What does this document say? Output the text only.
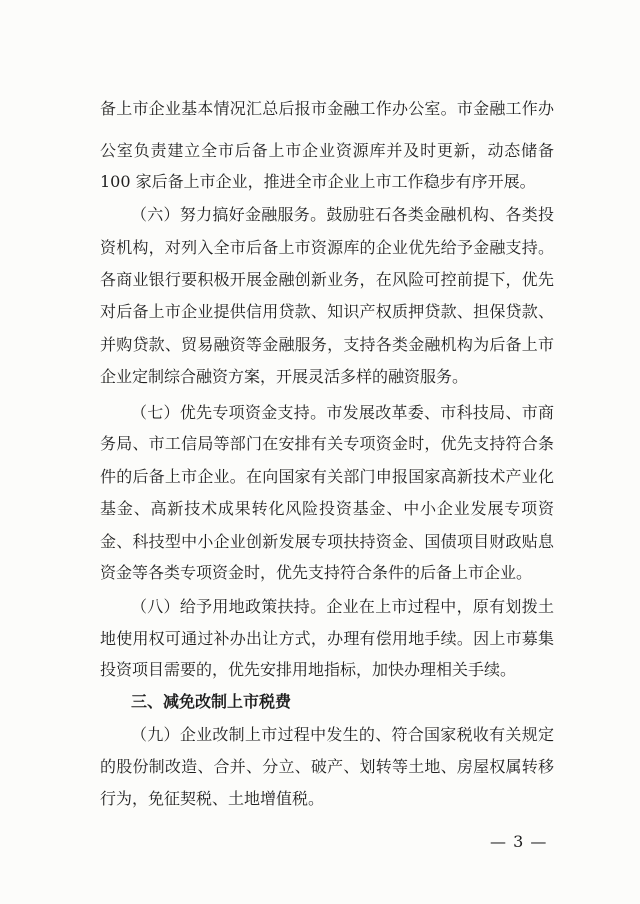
备上市企业基本情况汇总后报市金融工作办公室。市金融工作办
公室负责建立全市后备上市企业资源库并及时更新，动态储备
100 家后备上市企业，推进全市企业上市工作稳步有序开展。
（六）努力搞好金融服务。鼓励驻石各类金融机构、各类投
资机构，对列入全市后备上市资源库的企业优先给予金融支持。
各商业银行要积极开展金融创新业务，在风险可控前提下，优先
对后备上市企业提供信用贷款、知识产权质押贷款、担保贷款、
并购贷款、贸易融资等金融服务，支持各类金融机构为后备上市
企业定制综合融资方案，开展灵活多样的融资服务。
（七）优先专项资金支持。市发展改革委、市科技局、市商
务局、市工信局等部门在安排有关专项资金时，优先支持符合条
件的后备上市企业。在向国家有关部门申报国家高新技术产业化
基金、高新技术成果转化风险投资基金、中小企业发展专项资
金、科技型中小企业创新发展专项扶持资金、国债项目财政贴息
资金等各类专项资金时，优先支持符合条件的后备上市企业。
（八）给予用地政策扶持。企业在上市过程中，原有划拨土
地使用权可通过补办出让方式，办理有偿用地手续。因上市募集
投资项目需要的，优先安排用地指标，加快办理相关手续。
三、减免改制上市税费
（九）企业改制上市过程中发生的、符合国家税收有关规定
的股份制改造、合并、分立、破产、划转等土地、房屋权属转移
行为，免征契税、土地增值税。
— 3 —
